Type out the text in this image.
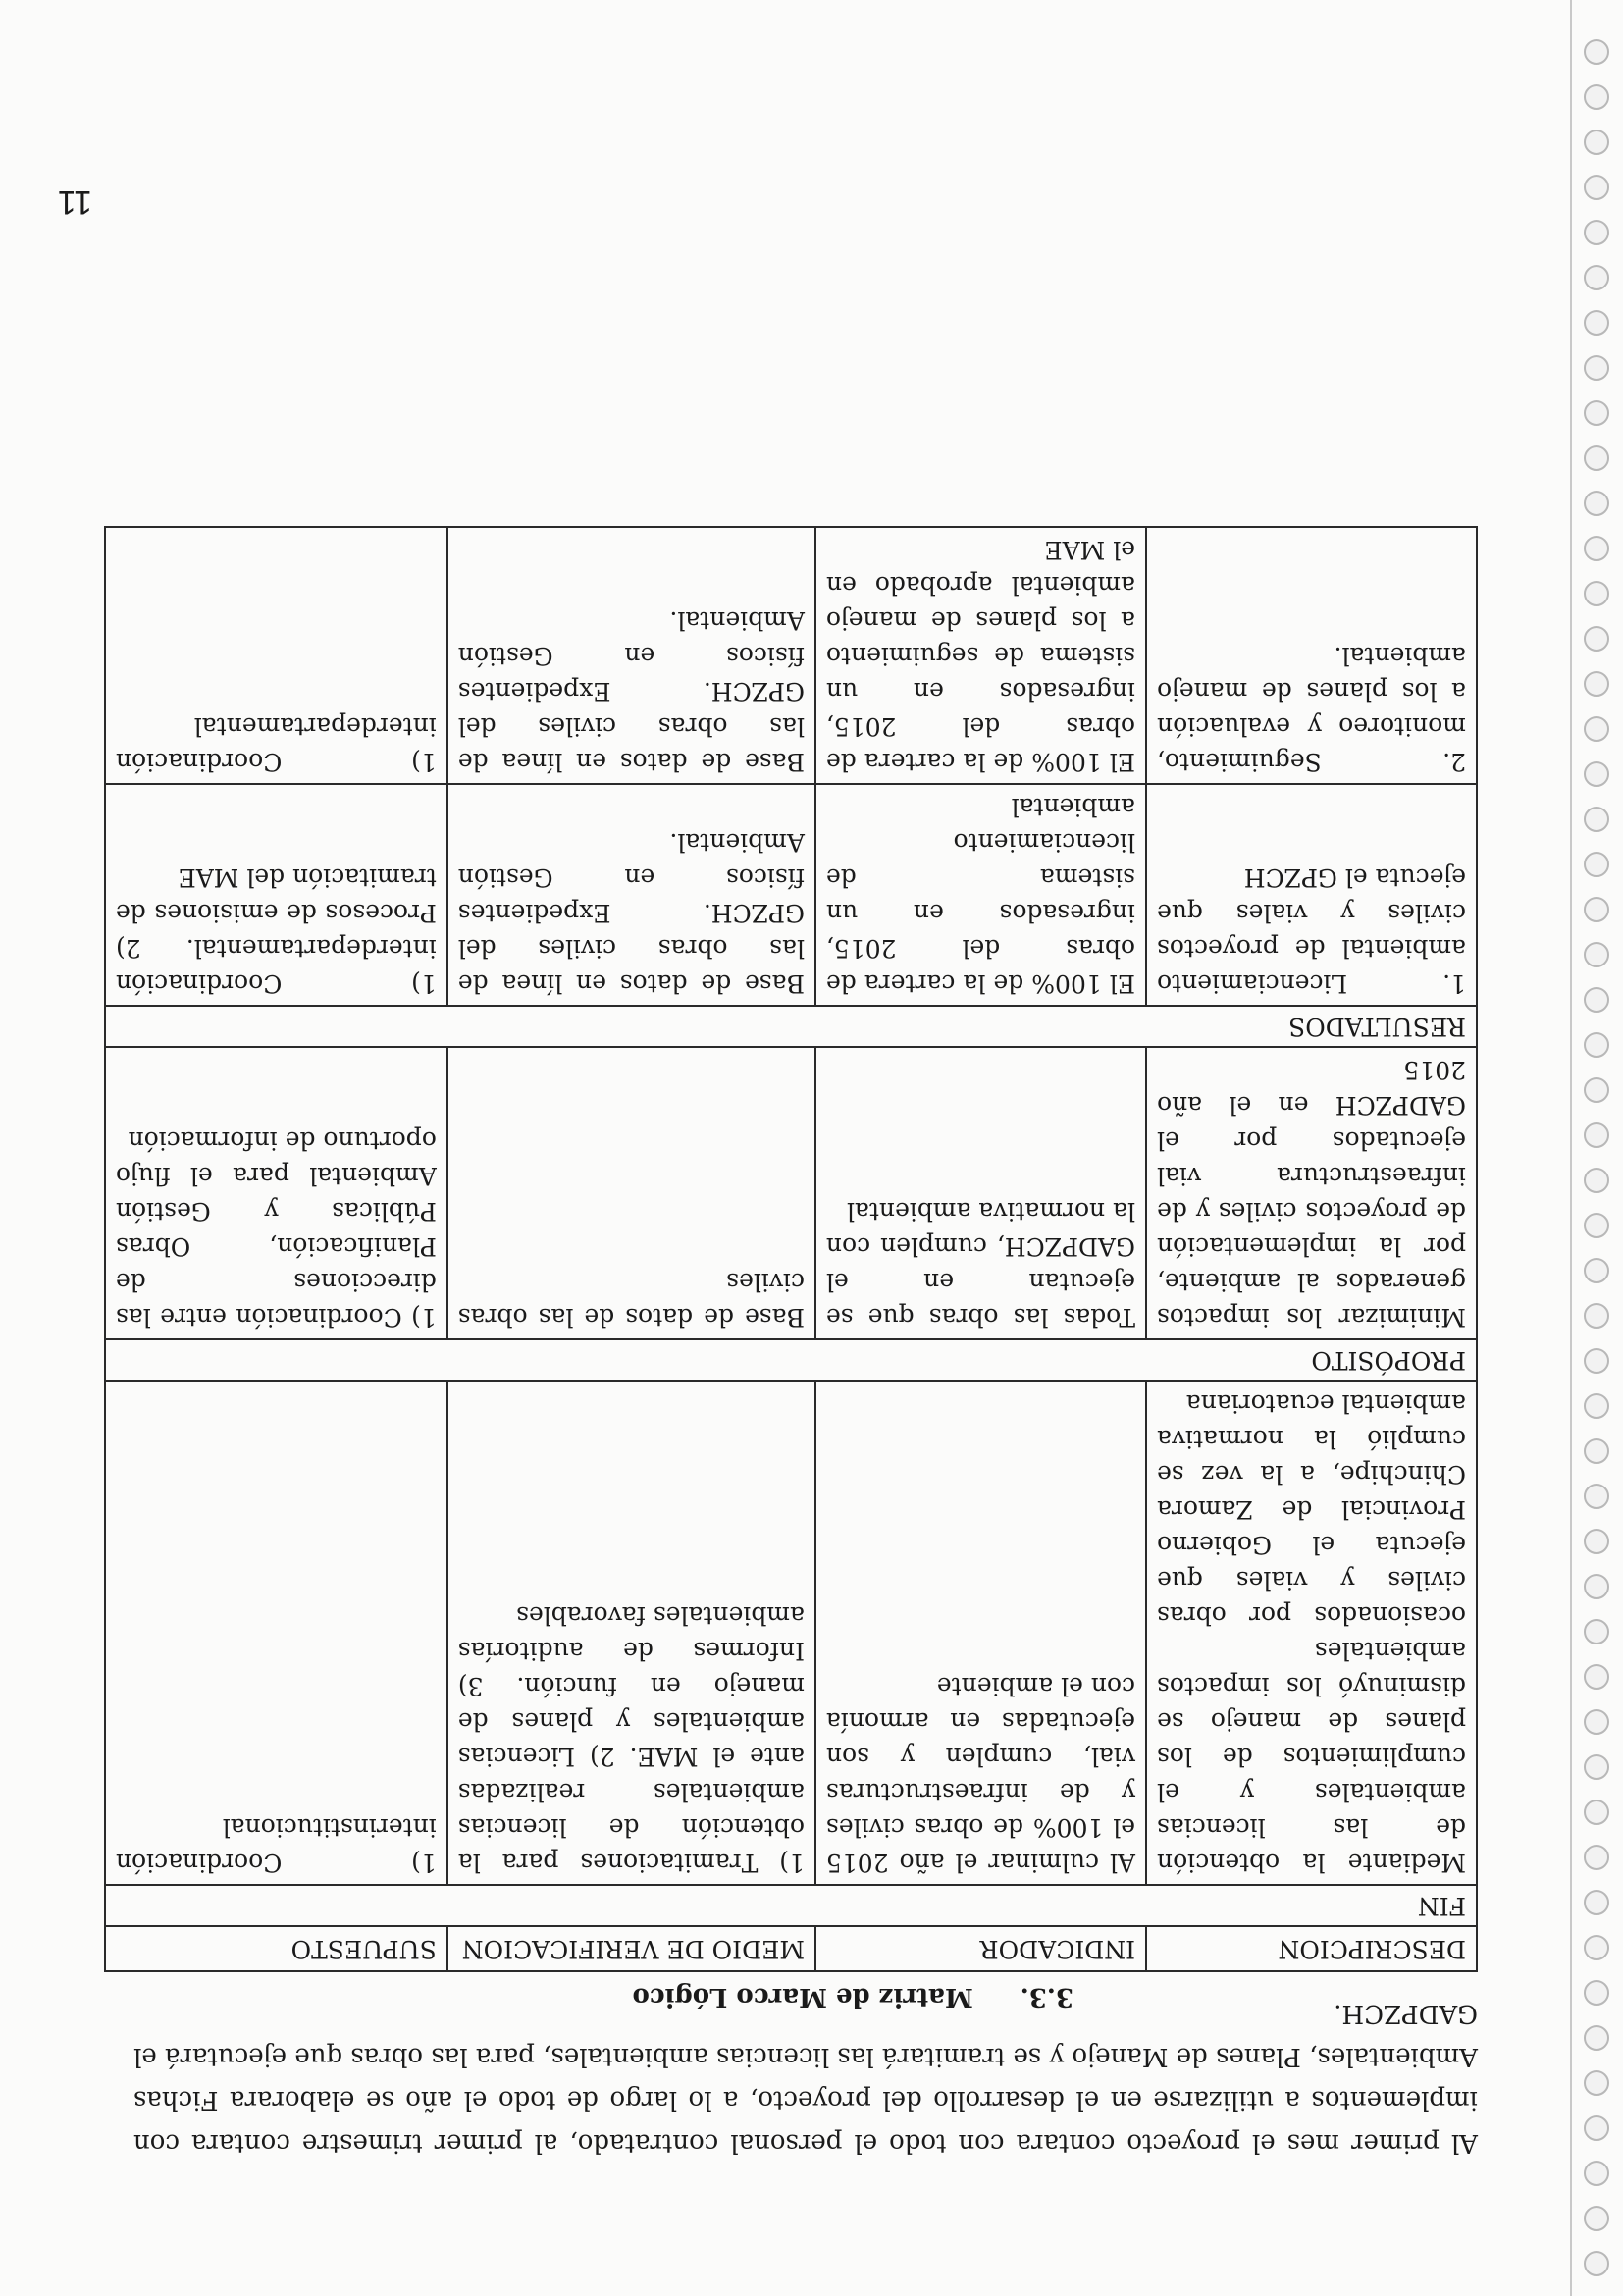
Al primer mes el proyecto contara con todo el personal contratado, al primer trimestre contara con implementos a utilizarse en el desarrollo del proyecto, a lo largo de todo el año se elaborara Fichas Ambientales, Planes de Manejo y se tramitará las licencias ambientales, para las obras que ejecutará el GADPZCH.

3.3.Matriz de Marco Lógico
DESCRIPCION	INDICADOR	MEDIO DE VERIFICACION	SUPUESTO
FIN			
Mediante la obtención de las licencias ambientales y el cumplimientos de los planes de manejo se disminuyó los impactos ambientales ocasionados por obras civiles y viales que ejecuta el Gobierno Provincial de Zamora Chinchipe, a la vez se cumplió la normativa ambiental ecuatoriana	Al culminar el año 2015 el 100% de obras civiles y de infraestructuras vial, cumplen y son ejecutadas en armonía con el ambiente	1) Tramitaciones para la obtención de licencias ambientales realizadas ante el MAE. 2) Licencias ambientales y planes de manejo en función. 3) Informes de auditorías ambientales favorables	1) Coordinación interinstitucional
PROPÓSITO			
Minimizar los impactos generados al ambiente, por la implementación de proyectos civiles y de infraestructura vial ejecutados por el GADPZCH en el año 2015	Todas las obras que se ejecutan en el GADPZCH, cumplen con la normativa ambiental	Base de datos de las obras civiles	1) Coordinación entre las direcciones de Planificación, Obras Públicas y Gestión Ambiental para el flujo oportuno de información
RESULTADOS			
1. Licenciamiento ambiental de proyectos civiles y viales que ejecuta el GPZCH	El 100% de la cartera de obras del 2015, ingresados en un sistema de licenciamiento ambiental	Base de datos en línea de las obras civiles del GPZCH. Expedientes físicos en Gestión Ambiental.	1) Coordinación interdepartamental. 2) Procesos de emisiones de tramitación del MAE
2. Seguimiento, monitoreo y evaluación a los planes de manejo ambiental.	El 100% de la cartera de obras del 2015, ingresados en un sistema de seguimiento a los planes de manejo ambiental aprobado en el MAE	Base de datos en línea de las obras civiles del GPZCH. Expedientes físicos en Gestión Ambiental.	1) Coordinación interdepartamental
11
